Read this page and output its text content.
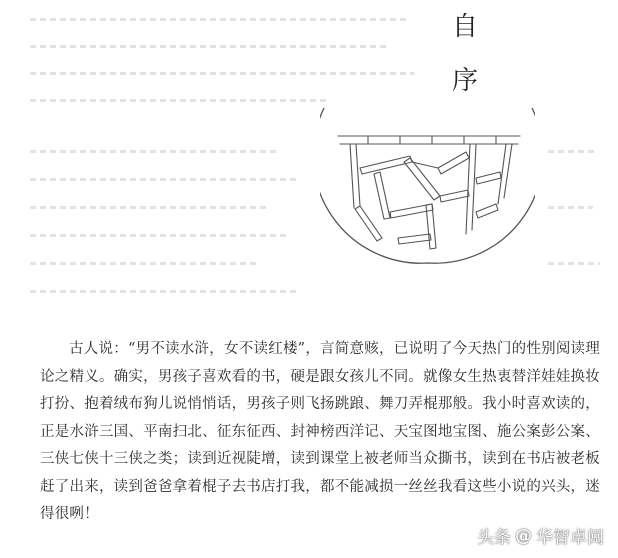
自
序

古人说：“男不读水浒，女不读红楼”，言简意赅，已说明了今天热门的性别阅读理论之精义。确实，男孩子喜欢看的书，硬是跟女孩儿不同。就像女生热衷替洋娃娃换妆打扮、抱着绒布狗儿说悄悄话，男孩子则飞扬跳踉、舞刀弄棍那般。我小时喜欢读的，正是水浒三国、平南扫北、征东征西、封神榜西洋记、天宝图地宝图、施公案彭公案、三侠七侠十三侠之类；读到近视陡增，读到课堂上被老师当众撕书，读到在书店被老板赶了出来，读到爸爸拿着棍子去书店打我，都不能减损一丝丝我看这些小说的兴头，迷得很咧！

头条 @ 华智卓阅
